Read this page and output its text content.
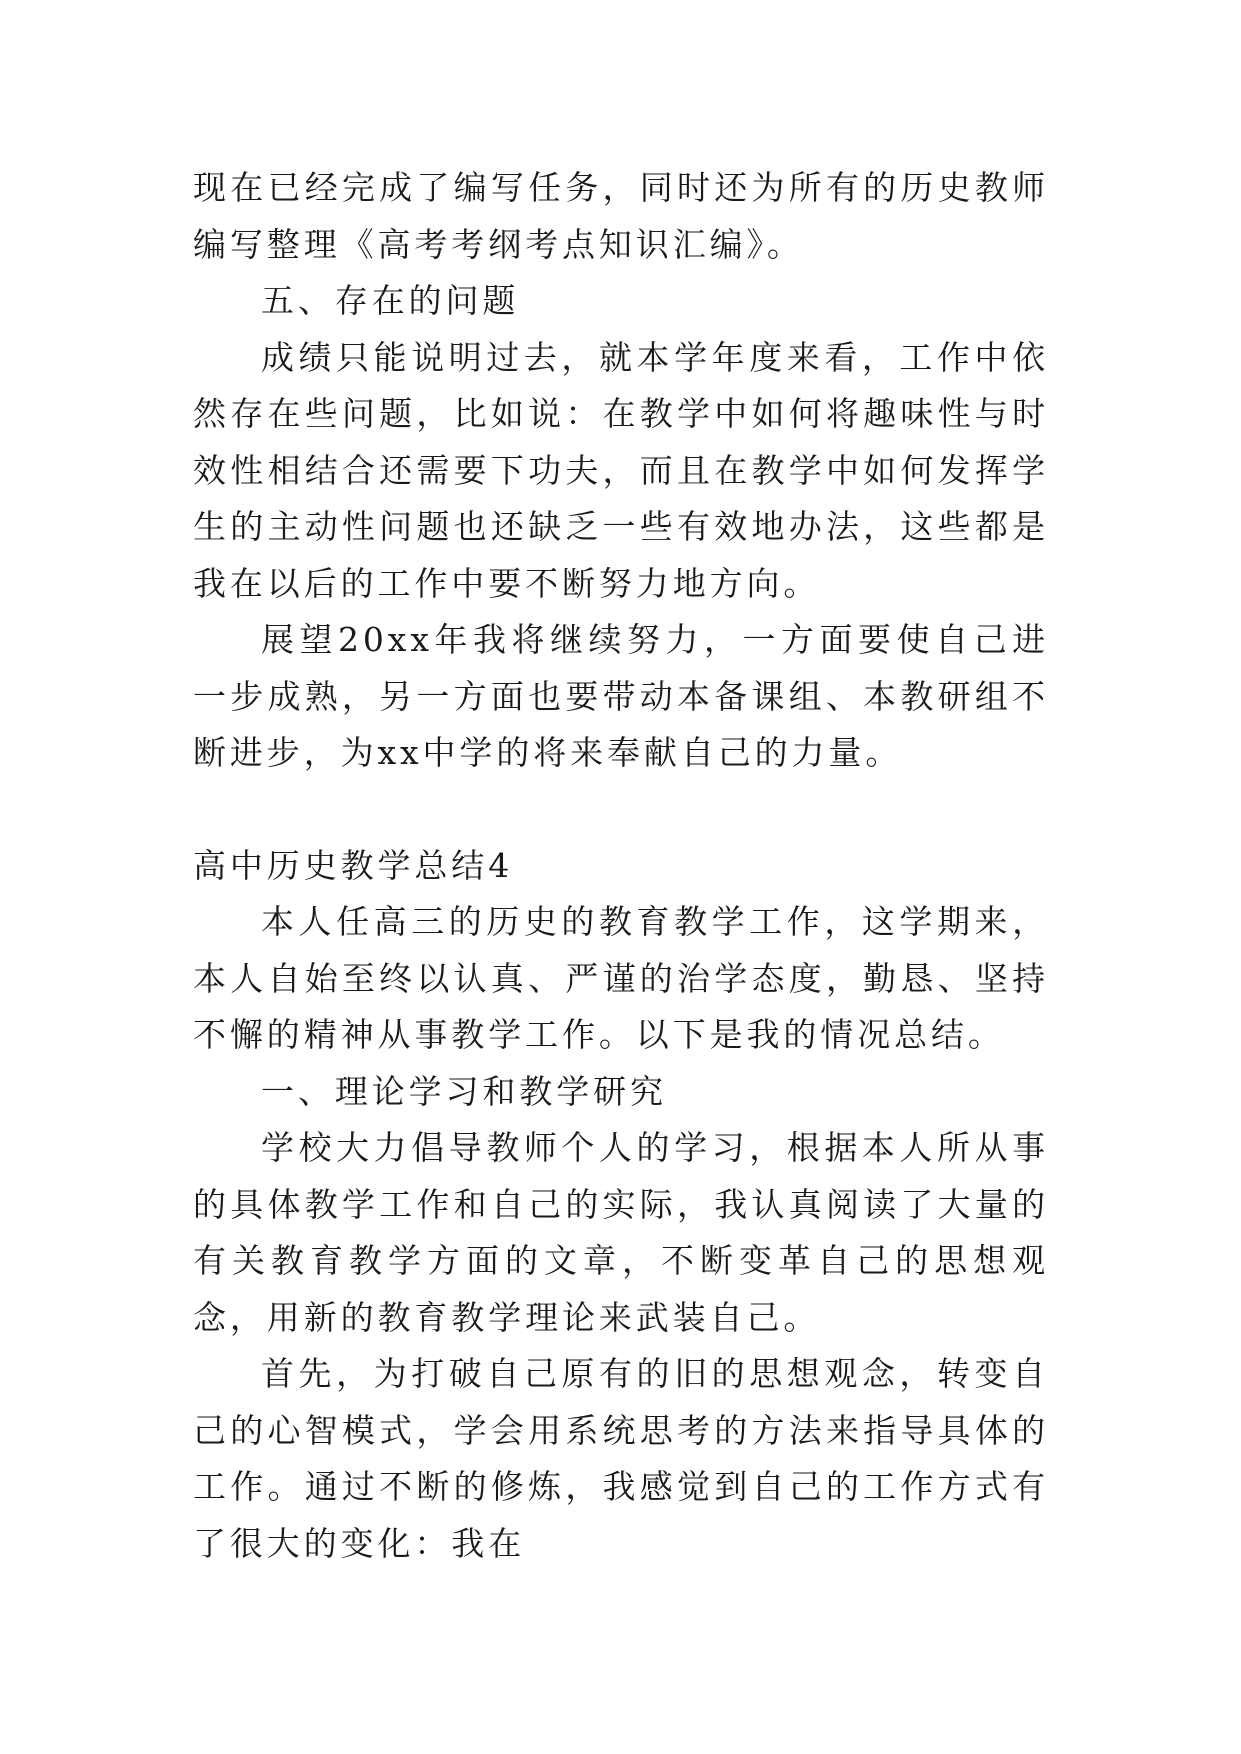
现在已经完成了编写任务，同时还为所有的历史教师编写整理《高考考纲考点知识汇编》。

五、存在的问题

成绩只能说明过去，就本学年度来看，工作中依然存在些问题，比如说：在教学中如何将趣味性与时效性相结合还需要下功夫，而且在教学中如何发挥学生的主动性问题也还缺乏一些有效地办法，这些都是我在以后的工作中要不断努力地方向。

展望20xx年我将继续努力，一方面要使自己进一步成熟，另一方面也要带动本备课组、本教研组不断进步，为xx中学的将来奉献自己的力量。

高中历史教学总结4

本人任高三的历史的教育教学工作，这学期来，本人自始至终以认真、严谨的治学态度，勤恳、坚持不懈的精神从事教学工作。以下是我的情况总结。

一、理论学习和教学研究

学校大力倡导教师个人的学习，根据本人所从事的具体教学工作和自己的实际，我认真阅读了大量的有关教育教学方面的文章，不断变革自己的思想观念，用新的教育教学理论来武装自己。

首先，为打破自己原有的旧的思想观念，转变自己的心智模式，学会用系统思考的方法来指导具体的工作。通过不断的修炼，我感觉到自己的工作方式有了很大的变化：我在
